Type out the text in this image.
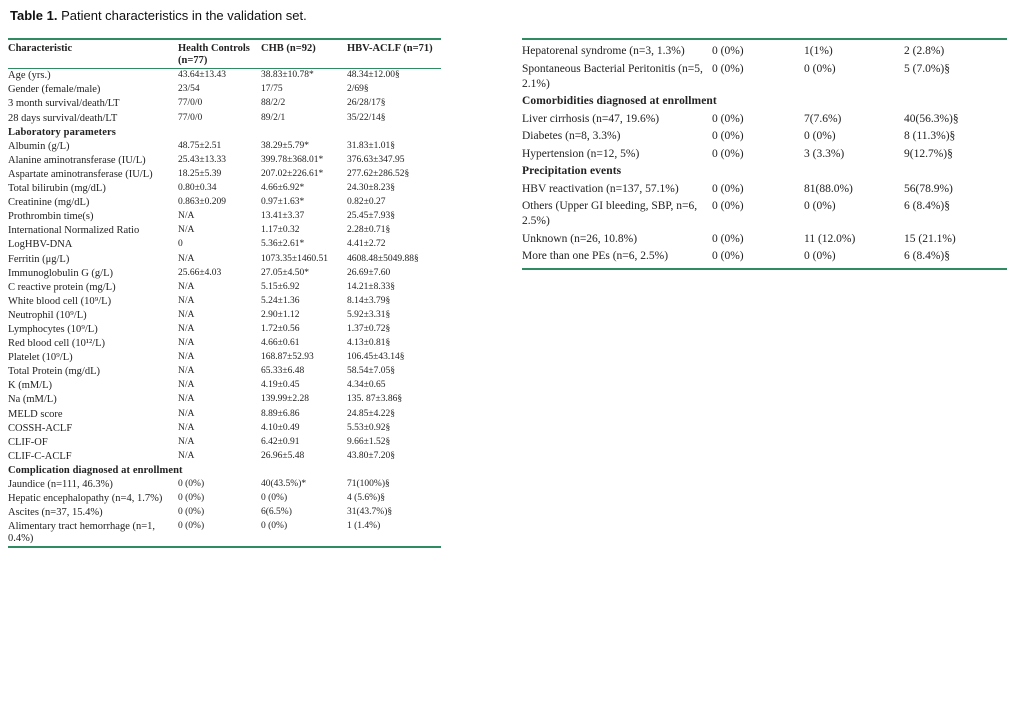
Table 1. Patient characteristics in the validation set.
Characteristic	Health Controls (n=77)	CHB (n=92)	HBV-ACLF (n=71)
Age (yrs.)	43.64±13.43	38.83±10.78*	48.34±12.00§
Gender (female/male)	23/54	17/75	2/69§
3 month survival/death/LT	77/0/0	88/2/2	26/28/17§
28 days survival/death/LT	77/0/0	89/2/1	35/22/14§
Laboratory parameters			
Albumin (g/L)	48.75±2.51	38.29±5.79*	31.83±1.01§
Alanine aminotransferase (IU/L)	25.43±13.33	399.78±368.01*	376.63±347.95
Aspartate aminotransferase (IU/L)	18.25±5.39	207.02±226.61*	277.62±286.52§
Total bilirubin (mg/dL)	0.80±0.34	4.66±6.92*	24.30±8.23§
Creatinine (mg/dL)	0.863±0.209	0.97±1.63*	0.82±0.27
Prothrombin time(s)	N/A	13.41±3.37	25.45±7.93§
International Normalized Ratio	N/A	1.17±0.32	2.28±0.71§
LogHBV-DNA	0	5.36±2.61*	4.41±2.72
Ferritin (μg/L)	N/A	1073.35±1460.51	4608.48±5049.88§
Immunoglobulin G (g/L)	25.66±4.03	27.05±4.50*	26.69±7.60
C reactive protein (mg/L)	N/A	5.15±6.92	14.21±8.33§
White blood cell (10⁹/L)	N/A	5.24±1.36	8.14±3.79§
Neutrophil (10⁹/L)	N/A	2.90±1.12	5.92±3.31§
Lymphocytes (10⁹/L)	N/A	1.72±0.56	1.37±0.72§
Red blood cell (10¹²/L)	N/A	4.66±0.61	4.13±0.81§
Platelet (10⁹/L)	N/A	168.87±52.93	106.45±43.14§
Total Protein (mg/dL)	N/A	65.33±6.48	58.54±7.05§
K (mM/L)	N/A	4.19±0.45	4.34±0.65
Na (mM/L)	N/A	139.99±2.28	135. 87±3.86§
MELD score	N/A	8.89±6.86	24.85±4.22§
COSSH-ACLF	N/A	4.10±0.49	5.53±0.92§
CLIF-OF	N/A	6.42±0.91	9.66±1.52§
CLIF-C-ACLF	N/A	26.96±5.48	43.80±7.20§
Complication diagnosed at enrollment			
Jaundice (n=111, 46.3%)	0 (0%)	40(43.5%)*	71(100%)§
Hepatic encephalopathy (n=4, 1.7%)	0 (0%)	0 (0%)	4 (5.6%)§
Ascites (n=37, 15.4%)	0 (0%)	6(6.5%)	31(43.7%)§
Alimentary tract hemorrhage (n=1, 0.4%)	0 (0%)	0 (0%)	1 (1.4%)
Hepatorenal syndrome (n=3, 1.3%)	0 (0%)	1(1%)	2 (2.8%)
Spontaneous Bacterial Peritonitis (n=5, 2.1%)	0 (0%)	0 (0%)	5 (7.0%)§
Comorbidities diagnosed at enrollment			
Liver cirrhosis (n=47, 19.6%)	0 (0%)	7(7.6%)	40(56.3%)§
Diabetes (n=8, 3.3%)	0 (0%)	0 (0%)	8 (11.3%)§
Hypertension (n=12, 5%)	0 (0%)	3 (3.3%)	9(12.7%)§
Precipitation events			
HBV reactivation (n=137, 57.1%)	0 (0%)	81(88.0%)	56(78.9%)
Others (Upper GI bleeding, SBP, n=6, 2.5%)	0 (0%)	0 (0%)	6 (8.4%)§
Unknown (n=26, 10.8%)	0 (0%)	11 (12.0%)	15 (21.1%)
More than one PEs (n=6, 2.5%)	0 (0%)	0 (0%)	6 (8.4%)§
